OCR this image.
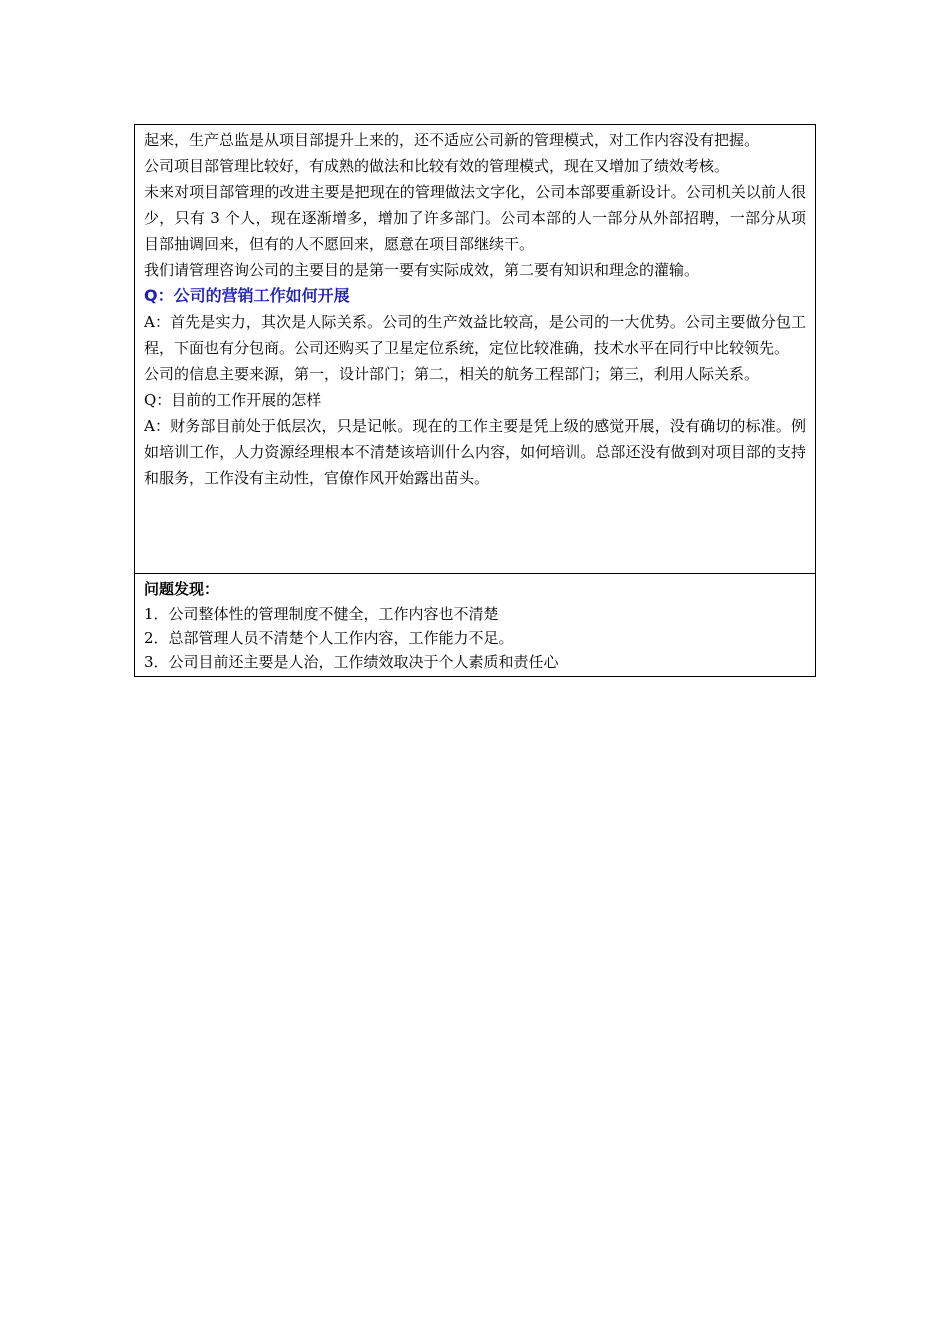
起来，生产总监是从项目部提升上来的，还不适应公司新的管理模式，对工作内容没有把握。

公司项目部管理比较好，有成熟的做法和比较有效的管理模式，现在又增加了绩效考核。

未来对项目部管理的改进主要是把现在的管理做法文字化，公司本部要重新设计。公司机关以前人很少，只有 3 个人，现在逐渐增多，增加了许多部门。公司本部的人一部分从外部招聘，一部分从项目部抽调回来，但有的人不愿回来，愿意在项目部继续干。

我们请管理咨询公司的主要目的是第一要有实际成效，第二要有知识和理念的灌输。

Q：公司的营销工作如何开展

A：首先是实力，其次是人际关系。公司的生产效益比较高，是公司的一大优势。公司主要做分包工程，下面也有分包商。公司还购买了卫星定位系统，定位比较准确，技术水平在同行中比较领先。

公司的信息主要来源，第一，设计部门；第二，相关的航务工程部门；第三，利用人际关系。

Q：目前的工作开展的怎样

A：财务部目前处于低层次，只是记帐。现在的工作主要是凭上级的感觉开展，没有确切的标准。例如培训工作，人力资源经理根本不清楚该培训什么内容，如何培训。总部还没有做到对项目部的支持和服务，工作没有主动性，官僚作风开始露出苗头。

问题发现：

1．公司整体性的管理制度不健全，工作内容也不清楚

2．总部管理人员不清楚个人工作内容，工作能力不足。

3．公司目前还主要是人治，工作绩效取决于个人素质和责任心
